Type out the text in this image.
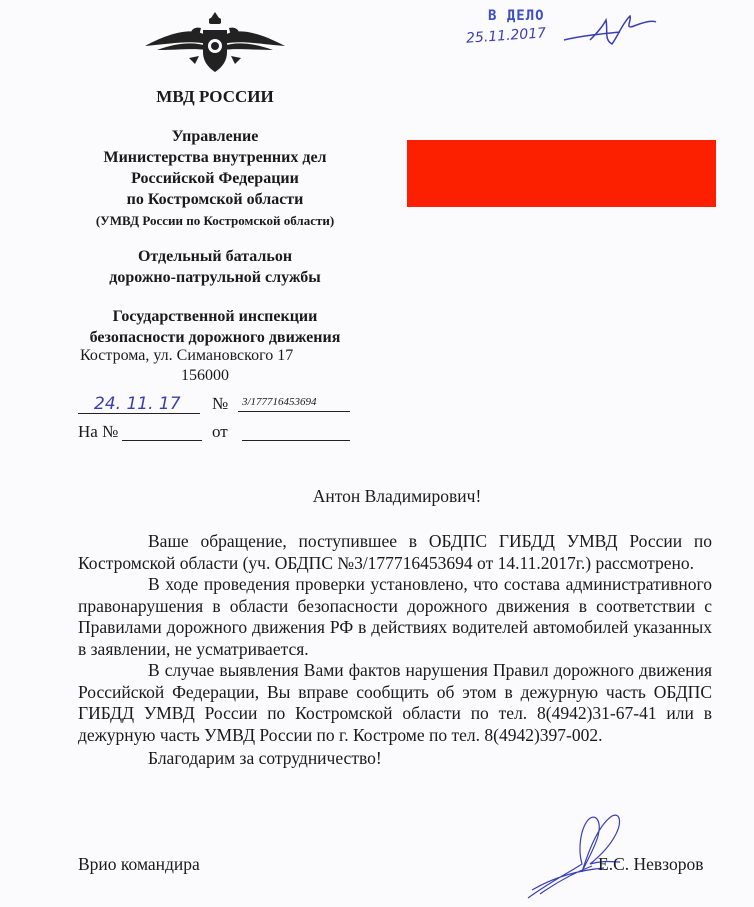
МВД РОССИИ
Управление
Министерства внутренних дел
Российской Федерации
по Костромской области
(УМВД России по Костромской области)
Отдельный батальон
дорожно-патрульной службы
Государственной инспекции
безопасности дорожного движения
Кострома, ул. Симановского 17
156000
24. 11. 17	№	3/177716453694
На №	от
В ДЕЛО
25.11.2017
Антон Владимирович!

Ваше обращение, поступившее в ОБДПС ГИБДД УМВД России по Костромской области (уч. ОБДПС №3/177716453694 от 14.11.2017г.) рассмотрено.

В ходе проведения проверки установлено, что состава административного правонарушения в области безопасности дорожного движения в соответствии с Правилами дорожного движения РФ в действиях водителей автомобилей указанных в заявлении, не усматривается.

В случае выявления Вами фактов нарушения Правил дорожного движения Российской Федерации, Вы вправе сообщить об этом в дежурную часть ОБДПС ГИБДД УМВД России по Костромской области по тел. 8(4942)31-67-41 или в дежурную часть УМВД России по г. Костроме по тел. 8(4942)397-002.

Благодарим за сотрудничество!

Врио командира	Е.С. Невзоров
